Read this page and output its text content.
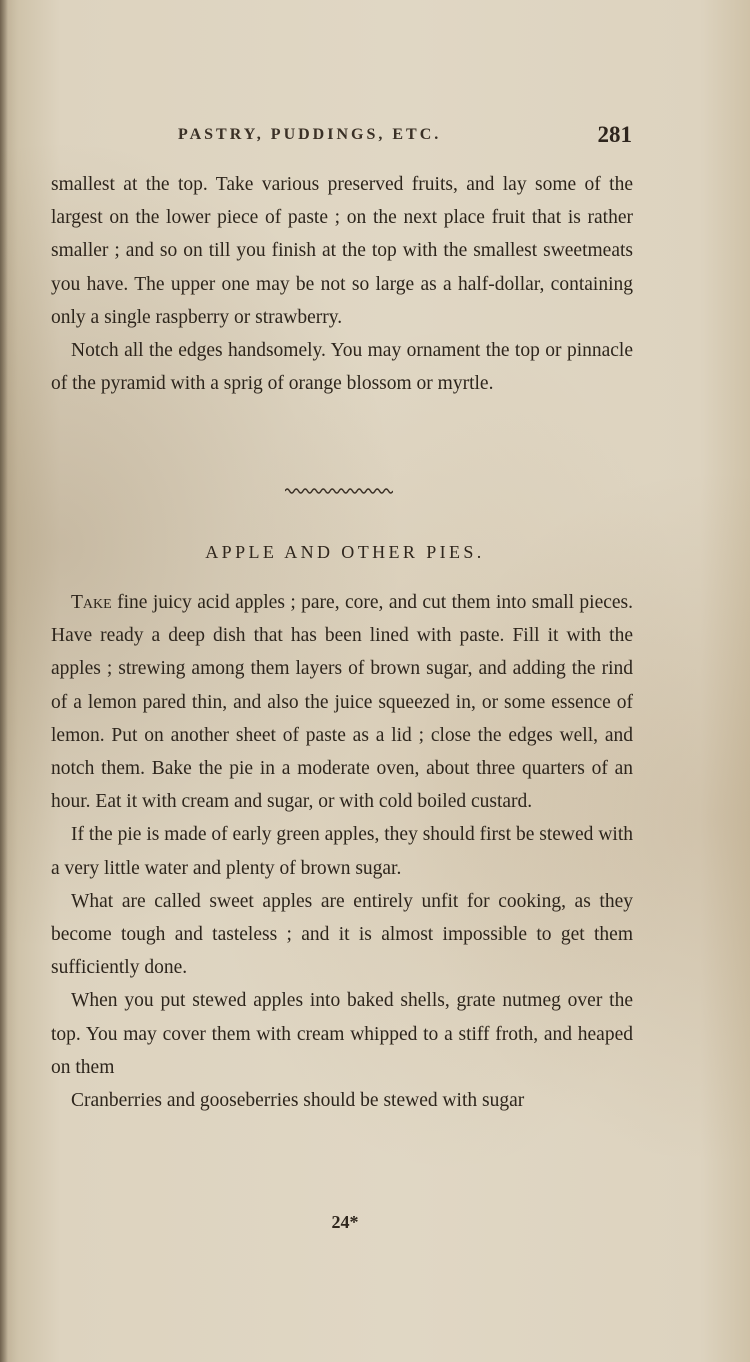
PASTRY, PUDDINGS, ETC.	281

smallest at the top. Take various preserved fruits, and lay some of the largest on the lower piece of paste ; on the next place fruit that is rather smaller ; and so on till you finish at the top with the smallest sweetmeats you have. The upper one may be not so large as a half-dollar, containing only a single raspberry or strawberry.

Notch all the edges handsomely. You may ornament the top or pinnacle of the pyramid with a sprig of orange blossom or myrtle.

APPLE AND OTHER PIES.

Take fine juicy acid apples ; pare, core, and cut them into small pieces. Have ready a deep dish that has been lined with paste. Fill it with the apples ; strewing among them layers of brown sugar, and adding the rind of a lemon pared thin, and also the juice squeezed in, or some essence of lemon. Put on another sheet of paste as a lid ; close the edges well, and notch them. Bake the pie in a moderate oven, about three quarters of an hour. Eat it with cream and sugar, or with cold boiled custard.

If the pie is made of early green apples, they should first be stewed with a very little water and plenty of brown sugar.

What are called sweet apples are entirely unfit for cooking, as they become tough and tasteless ; and it is almost impossible to get them sufficiently done.

When you put stewed apples into baked shells, grate nutmeg over the top. You may cover them with cream whipped to a stiff froth, and heaped on them

Cranberries and gooseberries should be stewed with sugar

24*
